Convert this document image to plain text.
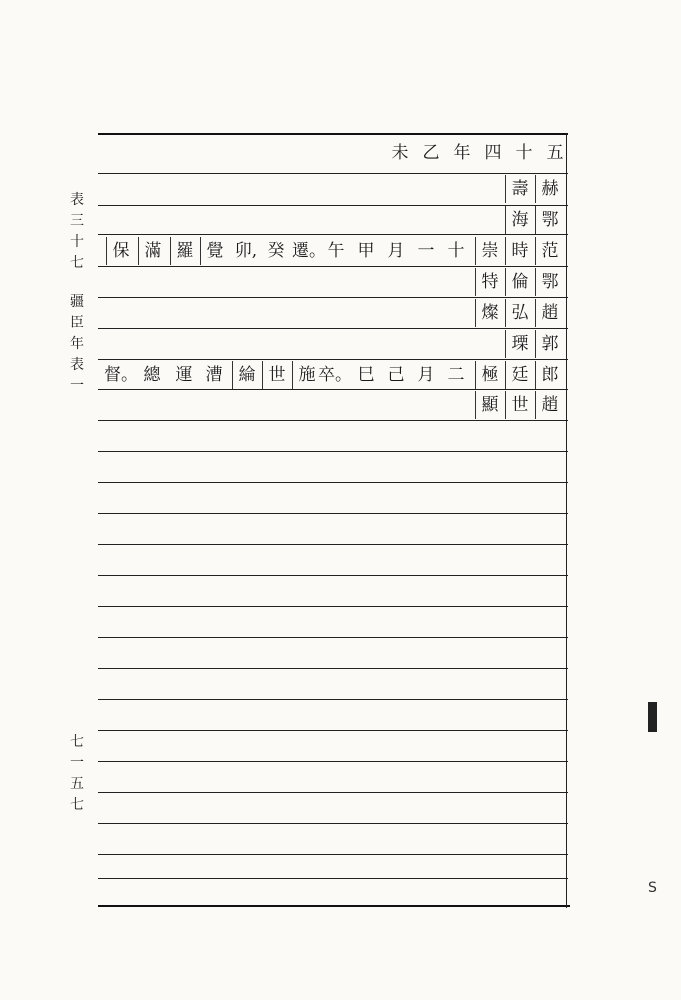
表
三
十
七
疆
臣
年
表
一
七
一
五
七
五
十
四
年
乙
未
赫
壽
鄂
海
范
時
崇
十
一
月
甲
午
遷。
癸
卯,
覺
羅
滿
保
鄂
倫
特
趙
弘
燦
郭
瑮
郎
廷
極
二
月
己
巳
卒。
施
世
綸
漕
運
總
督。
趙
世
顯
S
